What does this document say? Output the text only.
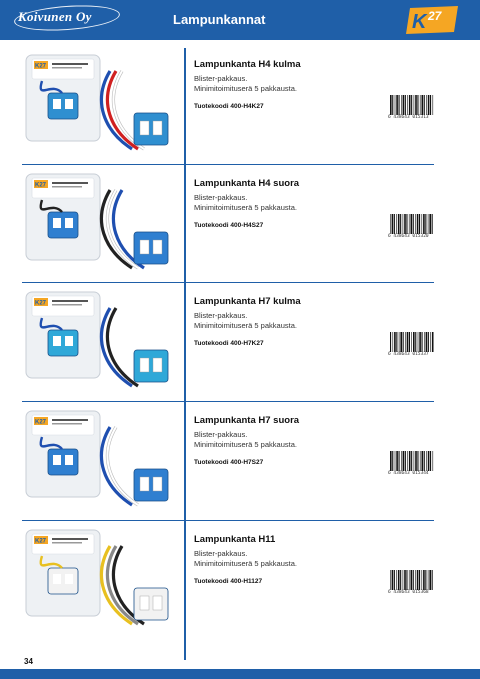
Koivunen Oy	Lampunkannat	K 27
K27	Lampunkanta H4 kulma
Blister-pakkaus.
Minimitoimituserä 5 pakkausta.
Tuotekoodi 400-H4K27
6 438643 015313
K27	Lampunkanta H4 suora
Blister-pakkaus.
Minimitoimituserä 5 pakkausta.
Tuotekoodi 400-H4S27
6 438643 015320
K27	Lampunkanta H7 kulma
Blister-pakkaus.
Minimitoimituserä 5 pakkausta.
Tuotekoodi 400-H7K27
6 438643 015337
K27	Lampunkanta H7 suora
Blister-pakkaus.
Minimitoimituserä 5 pakkausta.
Tuotekoodi 400-H7S27
6 438643 015344
K27	Lampunkanta H11
Blister-pakkaus.
Minimitoimituserä 5 pakkausta.
Tuotekoodi 400-H1127
6 438643 015368
34
